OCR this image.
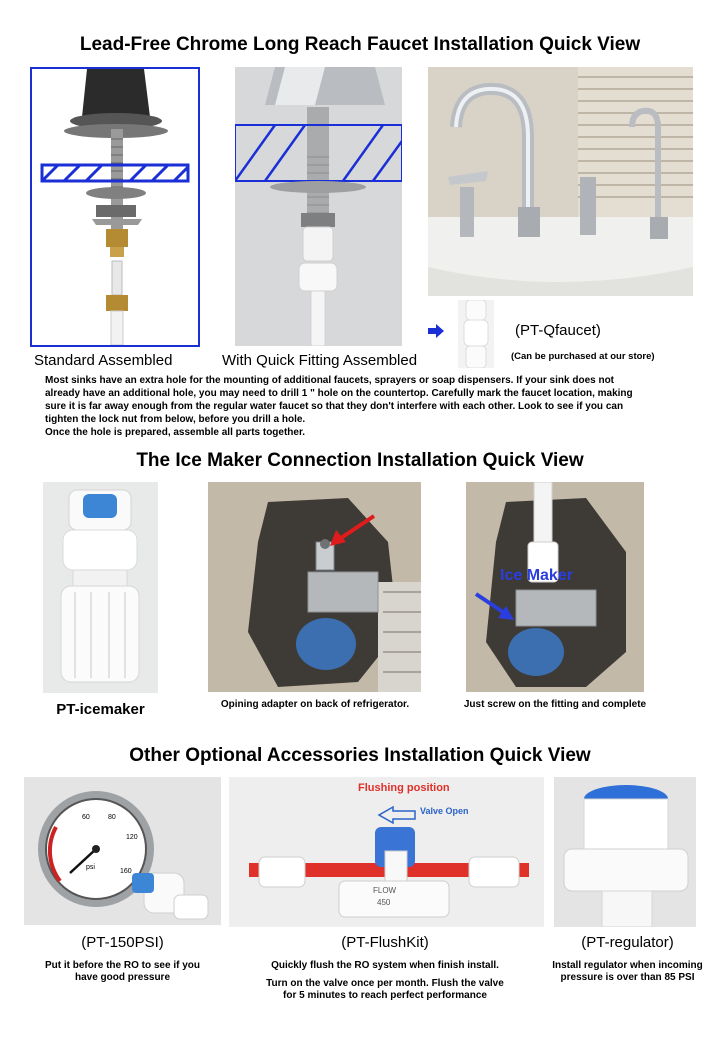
Lead-Free Chrome Long Reach Faucet Installation Quick View
(PT-Qfaucet)
(Can be purchased at our store)
Standard Assembled	With Quick Fitting Assembled
Most sinks have an extra hole for the mounting of additional faucets, sprayers or soap dispensers. If your sink does not
already have an additional hole, you may need to drill 1 " hole on the countertop. Carefully mark the faucet location, making
sure it is far away enough from the regular water faucet so that they don't interfere with each other. Look to see if you can
tighten the lock nut from below, before you drill a hole.
Once the hole is prepared, assemble all parts together.
The Ice Maker Connection Installation Quick View
PT-icemaker	Opining adapter on back of refrigerator.
Ice Maker
Just screw on the fitting and complete
Other Optional Accessories Installation Quick View
60	80
120
160
psi
FLOW
450
Flushing position
Valve Open
(PT-150PSI)
Put it before the RO to see if you
have good pressure
(PT-FlushKit)
Quickly flush the RO system when finish install.
Turn on the valve once per month. Flush the valve
for 5 minutes to reach perfect performance
(PT-regulator)
Install regulator when incoming
pressure is over than 85 PSI
